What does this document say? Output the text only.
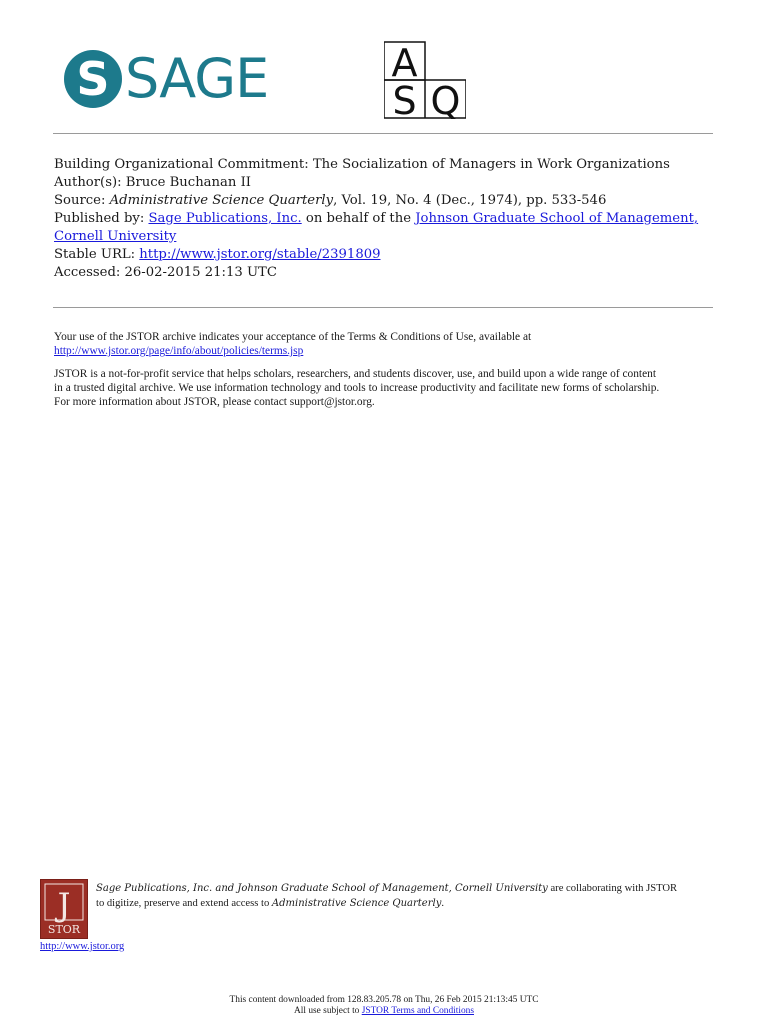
S SAGE	A
S Q
Building Organizational Commitment: The Socialization of Managers in Work Organizations
Author(s): Bruce Buchanan II
Source: Administrative Science Quarterly, Vol. 19, No. 4 (Dec., 1974), pp. 533-546
Published by: Sage Publications, Inc. on behalf of the Johnson Graduate School of Management,
Cornell University
Stable URL: http://www.jstor.org/stable/2391809
Accessed: 26-02-2015 21:13 UTC

Your use of the JSTOR archive indicates your acceptance of the Terms & Conditions of Use, available at
http://www.jstor.org/page/info/about/policies/terms.jsp

JSTOR is a not-for-profit service that helps scholars, researchers, and students discover, use, and build upon a wide range of content
in a trusted digital archive. We use information technology and tools to increase productivity and facilitate new forms of scholarship.
For more information about JSTOR, please contact support@jstor.org.

J
STOR
http://www.jstor.org
Sage Publications, Inc. and Johnson Graduate School of Management, Cornell University are collaborating with JSTOR
to digitize, preserve and extend access to Administrative Science Quarterly.
This content downloaded from 128.83.205.78 on Thu, 26 Feb 2015 21:13:45 UTC
All use subject to JSTOR Terms and Conditions
